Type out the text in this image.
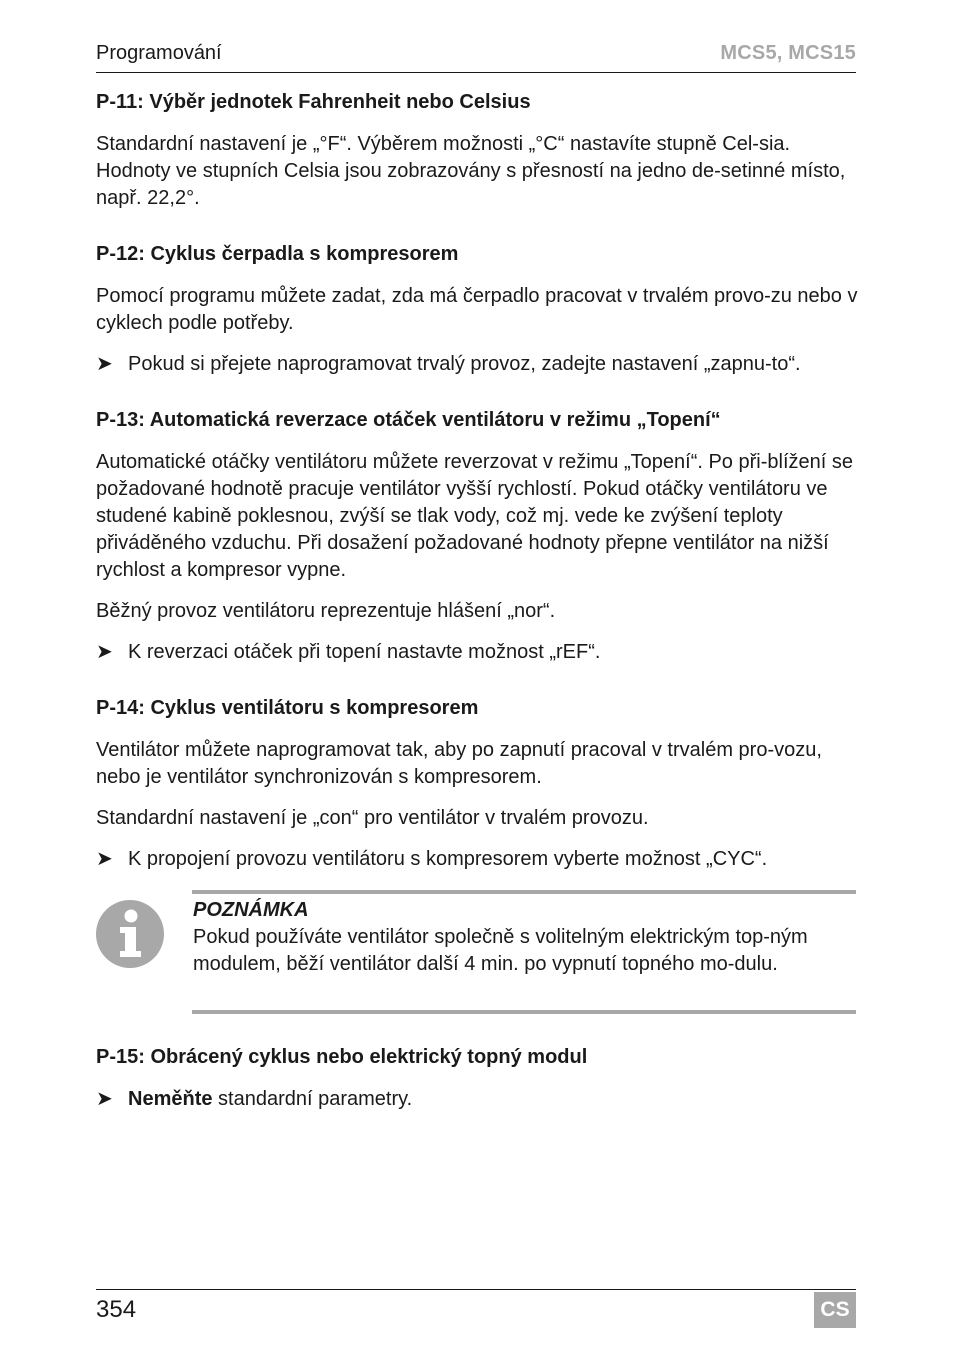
Programování	MCS5, MCS15
P-11: Výběr jednotek Fahrenheit nebo Celsius

Standardní nastavení je „°F“. Výběrem možnosti „°C“ nastavíte stupně Cel-sia. Hodnoty ve stupních Celsia jsou zobrazovány s přesností na jedno de-setinné místo, např. 22,2°.

P-12: Cyklus čerpadla s kompresorem

Pomocí programu můžete zadat, zda má čerpadlo pracovat v trvalém provo-zu nebo v cyklech podle potřeby.

➤ Pokud si přejete naprogramovat trvalý provoz, zadejte nastavení „zapnu-to“.
P-13: Automatická reverzace otáček ventilátoru v režimu „Topení“

Automatické otáčky ventilátoru můžete reverzovat v režimu „Topení“. Po při-blížení se požadované hodnotě pracuje ventilátor vyšší rychlostí. Pokud otáčky ventilátoru ve studené kabině poklesnou, zvýší se tlak vody, což mj. vede ke zvýšení teploty přiváděného vzduchu. Při dosažení požadované hodnoty přepne ventilátor na nižší rychlost a kompresor vypne.

Běžný provoz ventilátoru reprezentuje hlášení „nor“.

➤ K reverzaci otáček při topení nastavte možnost „rEF“.
P-14: Cyklus ventilátoru s kompresorem

Ventilátor můžete naprogramovat tak, aby po zapnutí pracoval v trvalém pro-vozu, nebo je ventilátor synchronizován s kompresorem.

Standardní nastavení je „con“ pro ventilátor v trvalém provozu.

➤ K propojení provozu ventilátoru s kompresorem vyberte možnost „CYC“.
POZNÁMKA

Pokud používáte ventilátor společně s volitelným elektrickým top-ným modulem, běží ventilátor další 4 min. po vypnutí topného mo-dulu.

P-15: Obrácený cyklus nebo elektrický topný modul
➤ Neměňte standardní parametry.
354	CS
